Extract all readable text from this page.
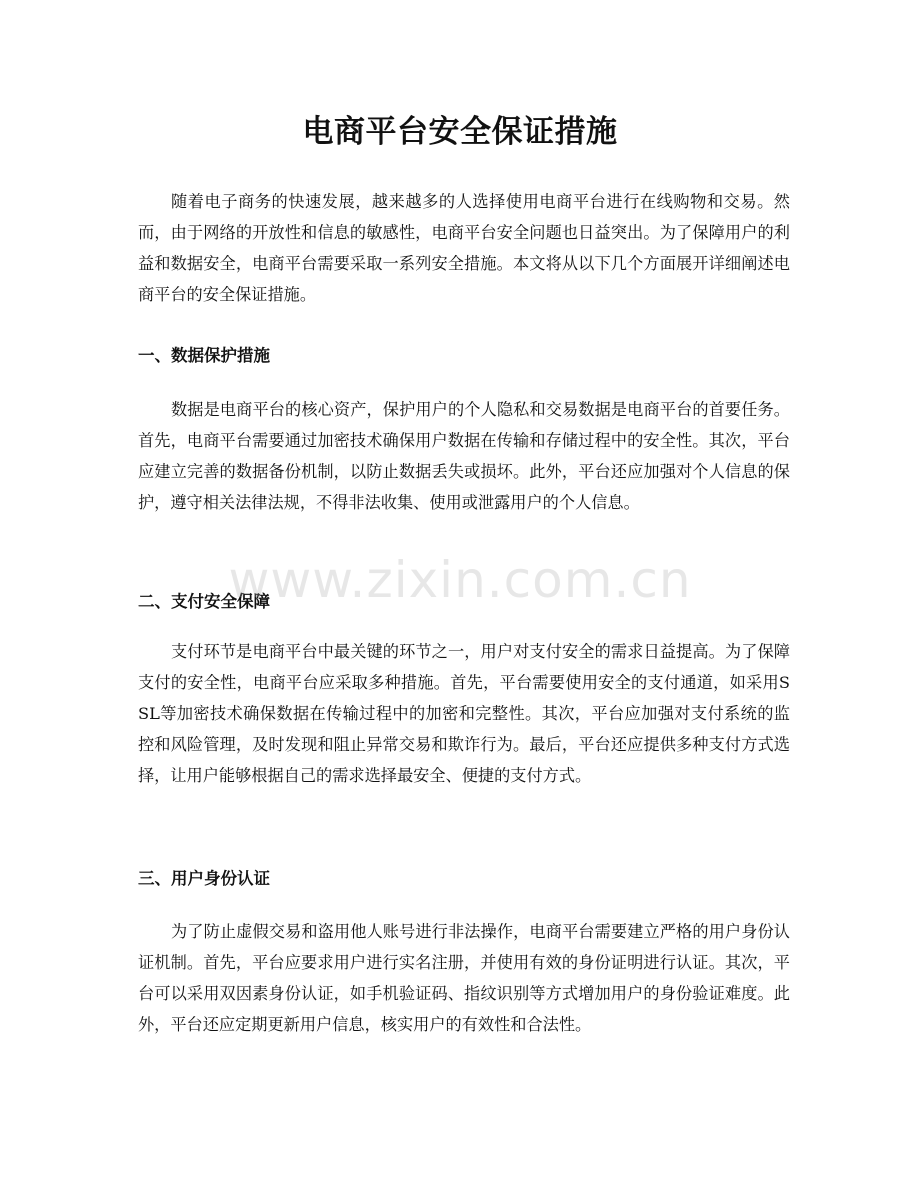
电商平台安全保证措施

随着电子商务的快速发展，越来越多的人选择使用电商平台进行在线购物和交易。然而，由于网络的开放性和信息的敏感性，电商平台安全问题也日益突出。为了保障用户的利益和数据安全，电商平台需要采取一系列安全措施。本文将从以下几个方面展开详细阐述电商平台的安全保证措施。

一、数据保护措施

数据是电商平台的核心资产，保护用户的个人隐私和交易数据是电商平台的首要任务。首先，电商平台需要通过加密技术确保用户数据在传输和存储过程中的安全性。其次，平台应建立完善的数据备份机制，以防止数据丢失或损坏。此外，平台还应加强对个人信息的保护，遵守相关法律法规，不得非法收集、使用或泄露用户的个人信息。

二、支付安全保障

支付环节是电商平台中最关键的环节之一，用户对支付安全的需求日益提高。为了保障支付的安全性，电商平台应采取多种措施。首先，平台需要使用安全的支付通道，如采用SSL等加密技术确保数据在传输过程中的加密和完整性。其次，平台应加强对支付系统的监控和风险管理，及时发现和阻止异常交易和欺诈行为。最后，平台还应提供多种支付方式选择，让用户能够根据自己的需求选择最安全、便捷的支付方式。

三、用户身份认证

为了防止虚假交易和盗用他人账号进行非法操作，电商平台需要建立严格的用户身份认证机制。首先，平台应要求用户进行实名注册，并使用有效的身份证明进行认证。其次，平台可以采用双因素身份认证，如手机验证码、指纹识别等方式增加用户的身份验证难度。此外，平台还应定期更新用户信息，核实用户的有效性和合法性。

www.zixin.com.cn
